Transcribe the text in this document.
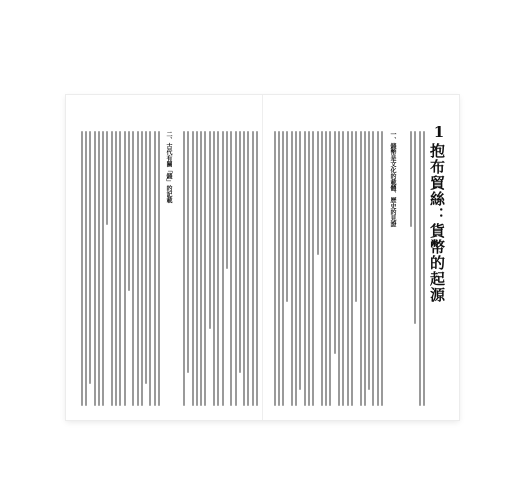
二、古代有關「錢」的記載	1
抱布貿絲：貨幣的起源
一、錢幣是文化的載體、歷史的見證
